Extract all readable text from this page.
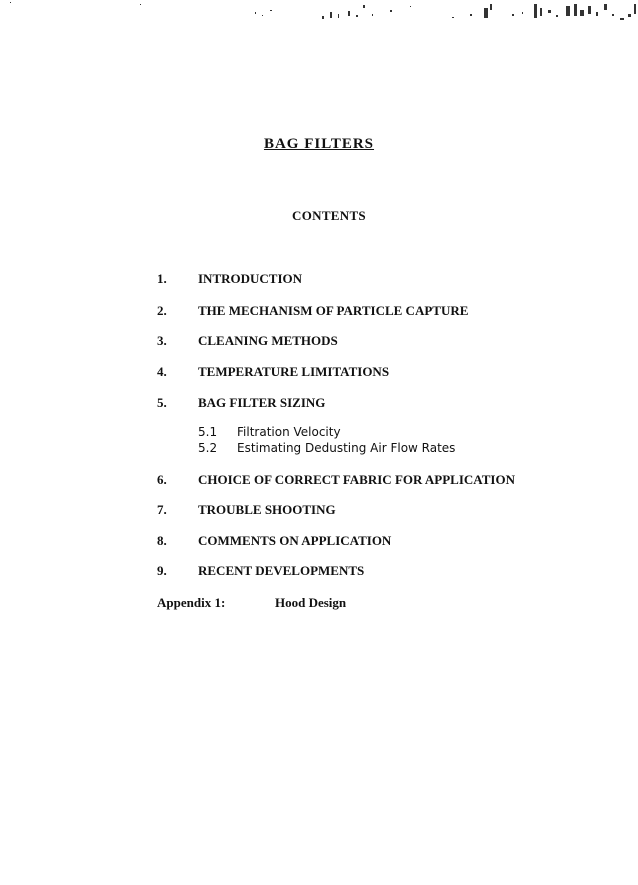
BAG FILTERS
CONTENTS
1. INTRODUCTION
2. THE MECHANISM OF PARTICLE CAPTURE
3. CLEANING METHODS
4. TEMPERATURE LIMITATIONS
5. BAG FILTER SIZING
5.1 Filtration Velocity
5.2 Estimating Dedusting Air Flow Rates
6. CHOICE OF CORRECT FABRIC FOR APPLICATION
7. TROUBLE SHOOTING
8. COMMENTS ON APPLICATION
9. RECENT DEVELOPMENTS
Appendix 1:	Hood Design
